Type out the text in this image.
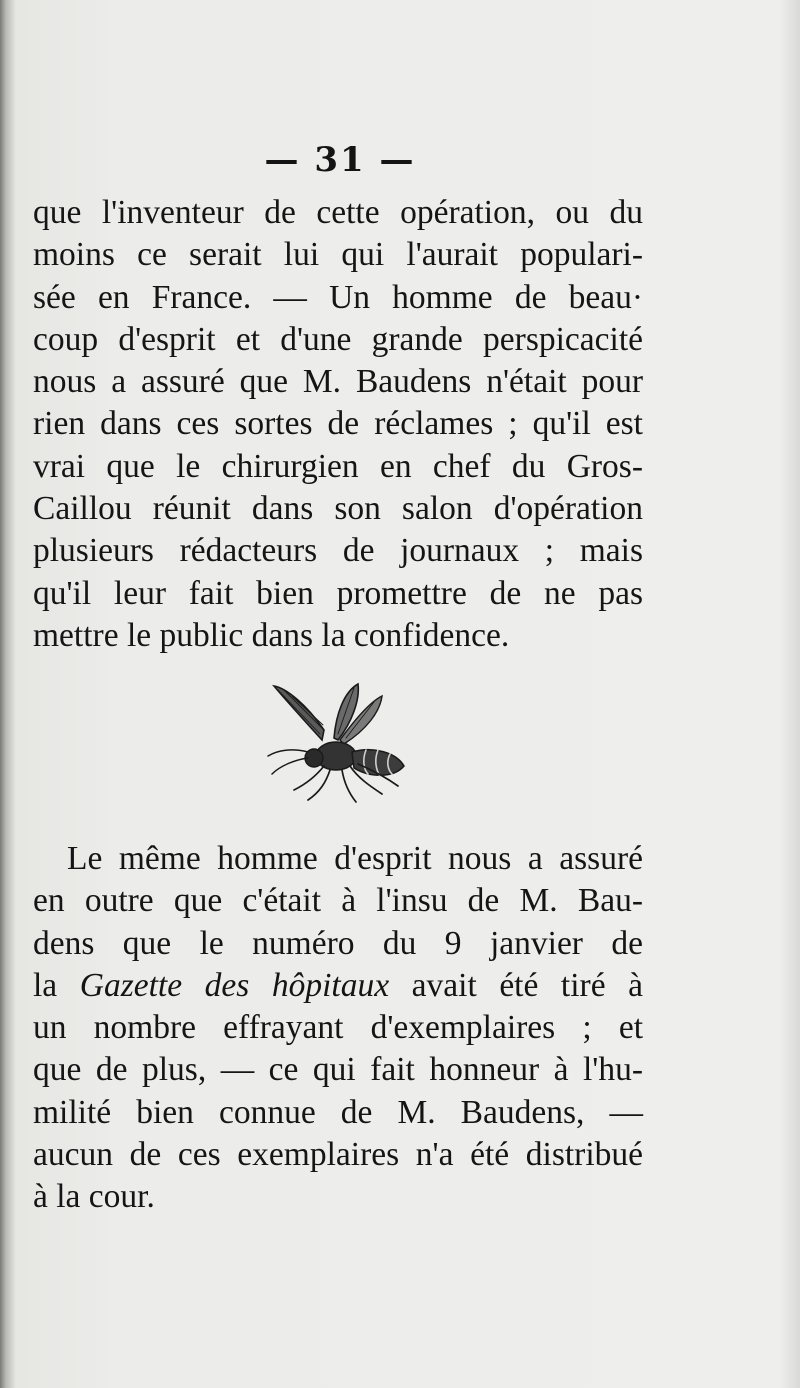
— 31 —
que l'inventeur de cette opération, ou du
moins ce serait lui qui l'aurait populari-
sée en France. — Un homme de beau·
coup d'esprit et d'une grande perspicacité
nous a assuré que M. Baudens n'était pour
rien dans ces sortes de réclames ; qu'il est
vrai que le chirurgien en chef du Gros-
Caillou réunit dans son salon d'opération
plusieurs rédacteurs de journaux ; mais
qu'il leur fait bien promettre de ne pas
mettre le public dans la confidence.
Le même homme d'esprit nous a assuré
en outre que c'était à l'insu de M. Bau-
dens que le numéro du 9 janvier de
la Gazette des hôpitaux avait été tiré à
un nombre effrayant d'exemplaires ; et
que de plus, — ce qui fait honneur à l'hu-
milité bien connue de M. Baudens, —
aucun de ces exemplaires n'a été distribué
à la cour.
